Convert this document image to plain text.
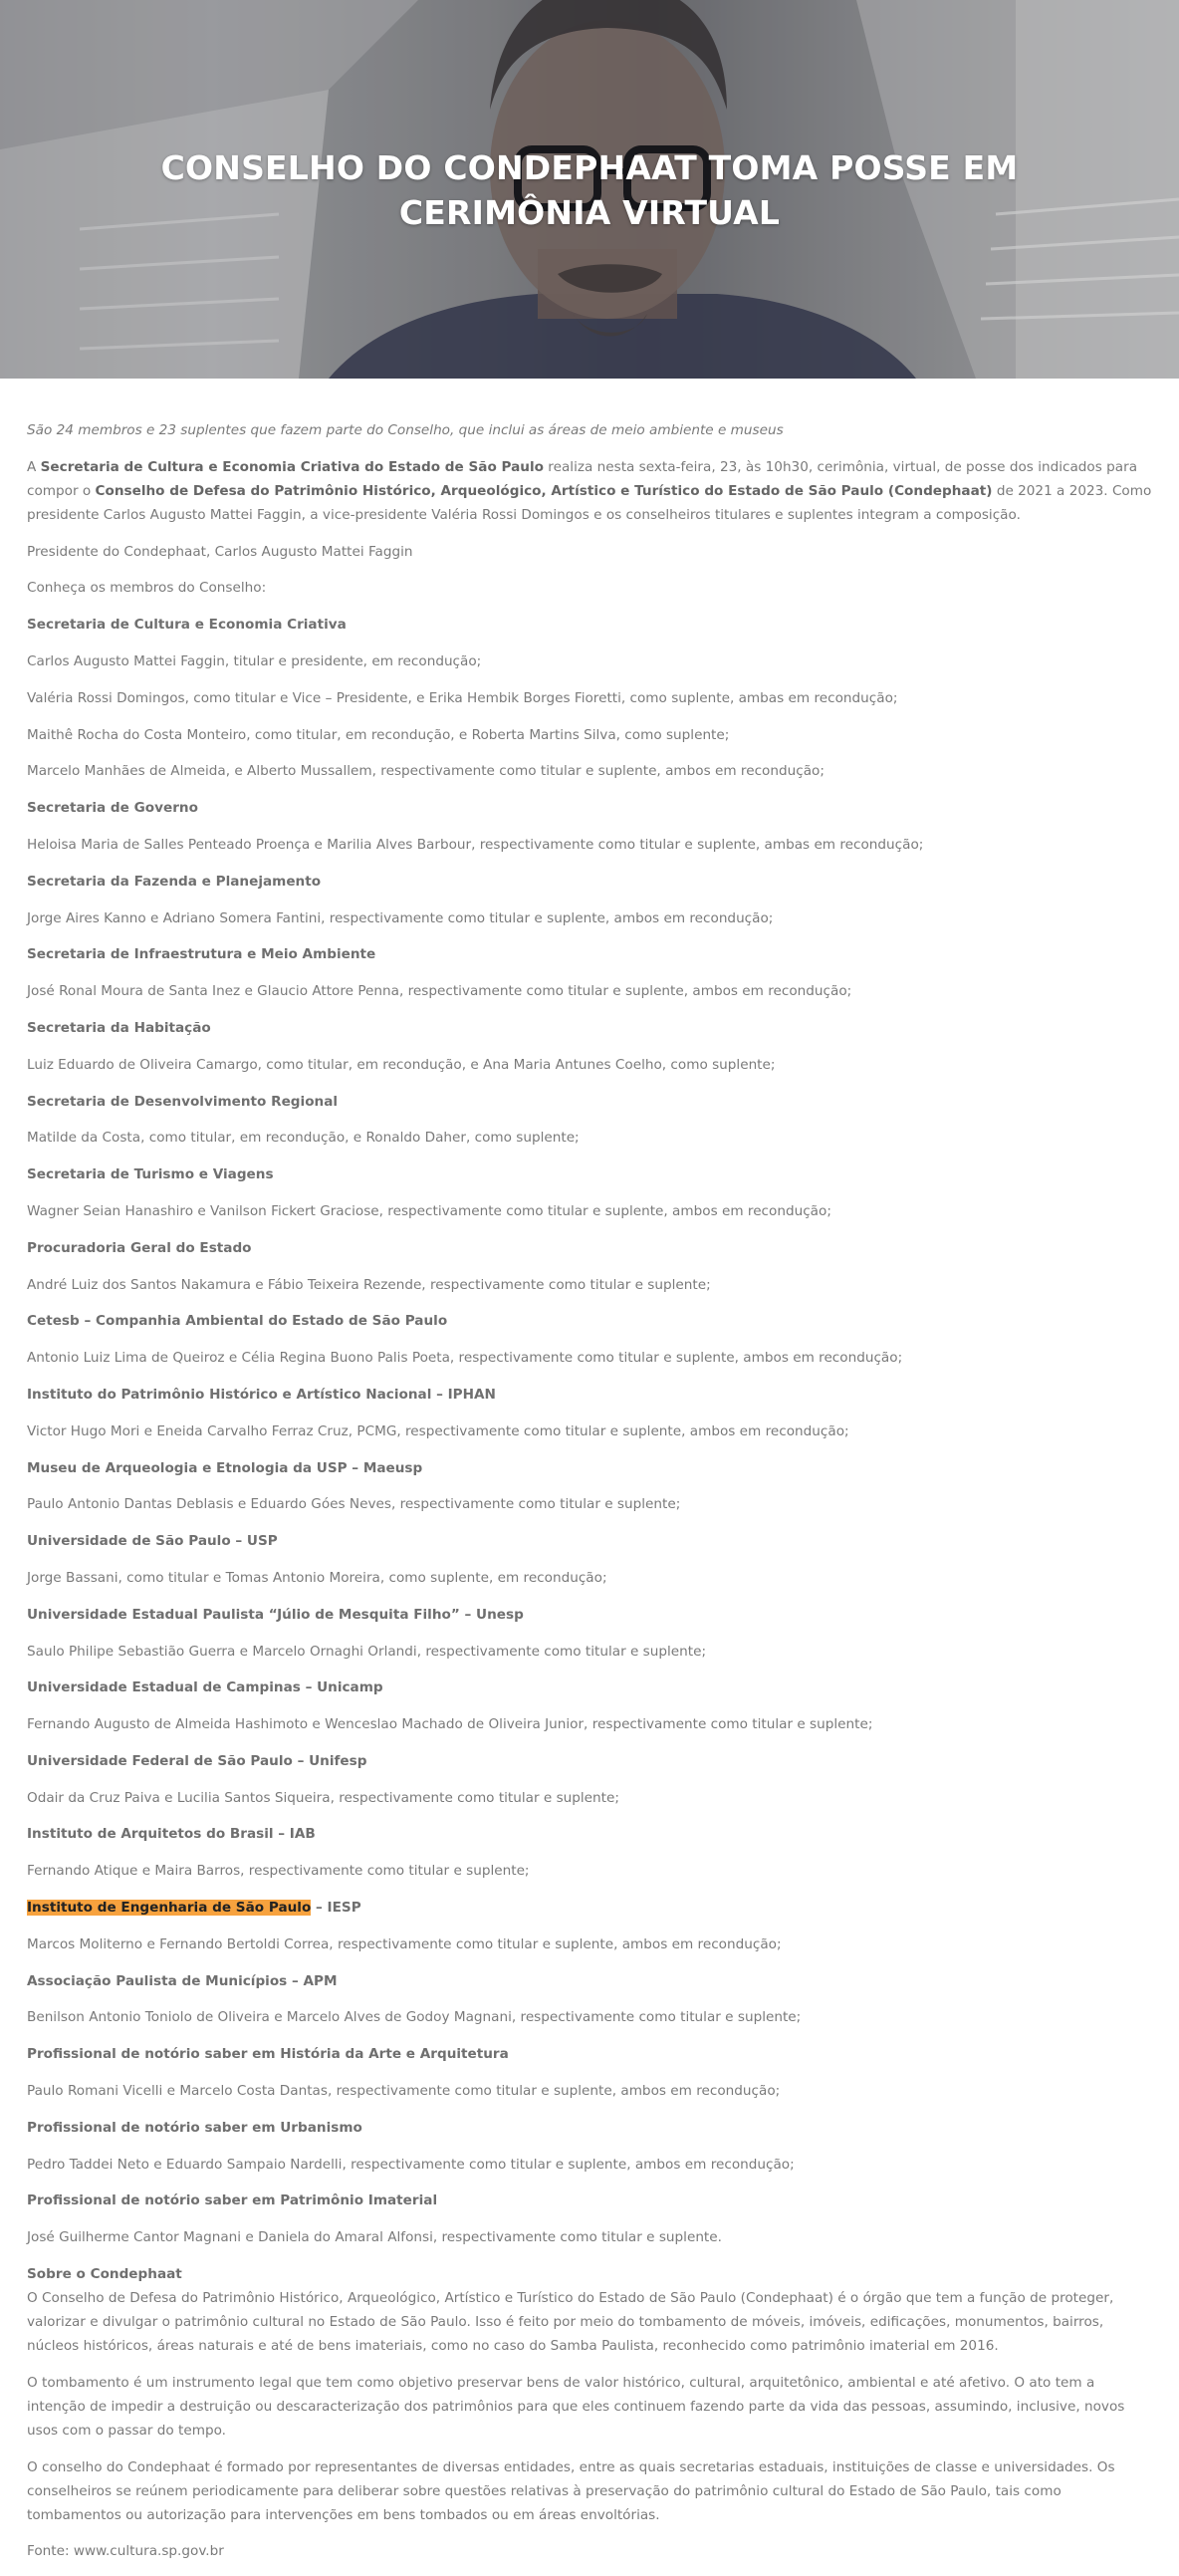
CONSELHO DO CONDEPHAAT TOMA POSSE EM CERIMÔNIA VIRTUAL

São 24 membros e 23 suplentes que fazem parte do Conselho, que inclui as áreas de meio ambiente e museus

A Secretaria de Cultura e Economia Criativa do Estado de São Paulo realiza nesta sexta-feira, 23, às 10h30, cerimônia, virtual, de posse dos indicados para compor o Conselho de Defesa do Patrimônio Histórico, Arqueológico, Artístico e Turístico do Estado de São Paulo (Condephaat) de 2021 a 2023. Como presidente Carlos Augusto Mattei Faggin, a vice-presidente Valéria Rossi Domingos e os conselheiros titulares e suplentes integram a composição.

Presidente do Condephaat, Carlos Augusto Mattei Faggin

Conheça os membros do Conselho:

Secretaria de Cultura e Economia Criativa

Carlos Augusto Mattei Faggin, titular e presidente, em recondução;

Valéria Rossi Domingos, como titular e Vice – Presidente, e Erika Hembik Borges Fioretti, como suplente, ambas em recondução;

Maithê Rocha do Costa Monteiro, como titular, em recondução, e Roberta Martins Silva, como suplente;

Marcelo Manhães de Almeida, e Alberto Mussallem, respectivamente como titular e suplente, ambos em recondução;

Secretaria de Governo

Heloisa Maria de Salles Penteado Proença e Marilia Alves Barbour, respectivamente como titular e suplente, ambas em recondução;

Secretaria da Fazenda e Planejamento

Jorge Aires Kanno e Adriano Somera Fantini, respectivamente como titular e suplente, ambos em recondução;

Secretaria de Infraestrutura e Meio Ambiente

José Ronal Moura de Santa Inez e Glaucio Attore Penna, respectivamente como titular e suplente, ambos em recondução;

Secretaria da Habitação

Luiz Eduardo de Oliveira Camargo, como titular, em recondução, e Ana Maria Antunes Coelho, como suplente;

Secretaria de Desenvolvimento Regional

Matilde da Costa, como titular, em recondução, e Ronaldo Daher, como suplente;

Secretaria de Turismo e Viagens

Wagner Seian Hanashiro e Vanilson Fickert Graciose, respectivamente como titular e suplente, ambos em recondução;

Procuradoria Geral do Estado

André Luiz dos Santos Nakamura e Fábio Teixeira Rezende, respectivamente como titular e suplente;

Cetesb – Companhia Ambiental do Estado de São Paulo

Antonio Luiz Lima de Queiroz e Célia Regina Buono Palis Poeta, respectivamente como titular e suplente, ambos em recondução;

Instituto do Patrimônio Histórico e Artístico Nacional – IPHAN

Victor Hugo Mori e Eneida Carvalho Ferraz Cruz, PCMG, respectivamente como titular e suplente, ambos em recondução;

Museu de Arqueologia e Etnologia da USP – Maeusp

Paulo Antonio Dantas Deblasis e Eduardo Góes Neves, respectivamente como titular e suplente;

Universidade de São Paulo – USP

Jorge Bassani, como titular e Tomas Antonio Moreira, como suplente, em recondução;

Universidade Estadual Paulista “Júlio de Mesquita Filho” – Unesp

Saulo Philipe Sebastião Guerra e Marcelo Ornaghi Orlandi, respectivamente como titular e suplente;

Universidade Estadual de Campinas – Unicamp

Fernando Augusto de Almeida Hashimoto e Wenceslao Machado de Oliveira Junior, respectivamente como titular e suplente;

Universidade Federal de São Paulo – Unifesp

Odair da Cruz Paiva e Lucilia Santos Siqueira, respectivamente como titular e suplente;

Instituto de Arquitetos do Brasil – IAB

Fernando Atique e Maira Barros, respectivamente como titular e suplente;

Instituto de Engenharia de São Paulo – IESP

Marcos Moliterno e Fernando Bertoldi Correa, respectivamente como titular e suplente, ambos em recondução;

Associação Paulista de Municípios – APM

Benilson Antonio Toniolo de Oliveira e Marcelo Alves de Godoy Magnani, respectivamente como titular e suplente;

Profissional de notório saber em História da Arte e Arquitetura

Paulo Romani Vicelli e Marcelo Costa Dantas, respectivamente como titular e suplente, ambos em recondução;

Profissional de notório saber em Urbanismo

Pedro Taddei Neto e Eduardo Sampaio Nardelli, respectivamente como titular e suplente, ambos em recondução;

Profissional de notório saber em Patrimônio Imaterial

José Guilherme Cantor Magnani e Daniela do Amaral Alfonsi, respectivamente como titular e suplente.

Sobre o Condephaat
O Conselho de Defesa do Patrimônio Histórico, Arqueológico, Artístico e Turístico do Estado de São Paulo (Condephaat) é o órgão que tem a função de proteger, valorizar e divulgar o patrimônio cultural no Estado de São Paulo. Isso é feito por meio do tombamento de móveis, imóveis, edificações, monumentos, bairros, núcleos históricos, áreas naturais e até de bens imateriais, como no caso do Samba Paulista, reconhecido como patrimônio imaterial em 2016.

O tombamento é um instrumento legal que tem como objetivo preservar bens de valor histórico, cultural, arquitetônico, ambiental e até afetivo. O ato tem a intenção de impedir a destruição ou descaracterização dos patrimônios para que eles continuem fazendo parte da vida das pessoas, assumindo, inclusive, novos usos com o passar do tempo.

O conselho do Condephaat é formado por representantes de diversas entidades, entre as quais secretarias estaduais, instituições de classe e universidades. Os conselheiros se reúnem periodicamente para deliberar sobre questões relativas à preservação do patrimônio cultural do Estado de São Paulo, tais como tombamentos ou autorização para intervenções em bens tombados ou em áreas envoltórias.

Fonte: www.cultura.sp.gov.br
